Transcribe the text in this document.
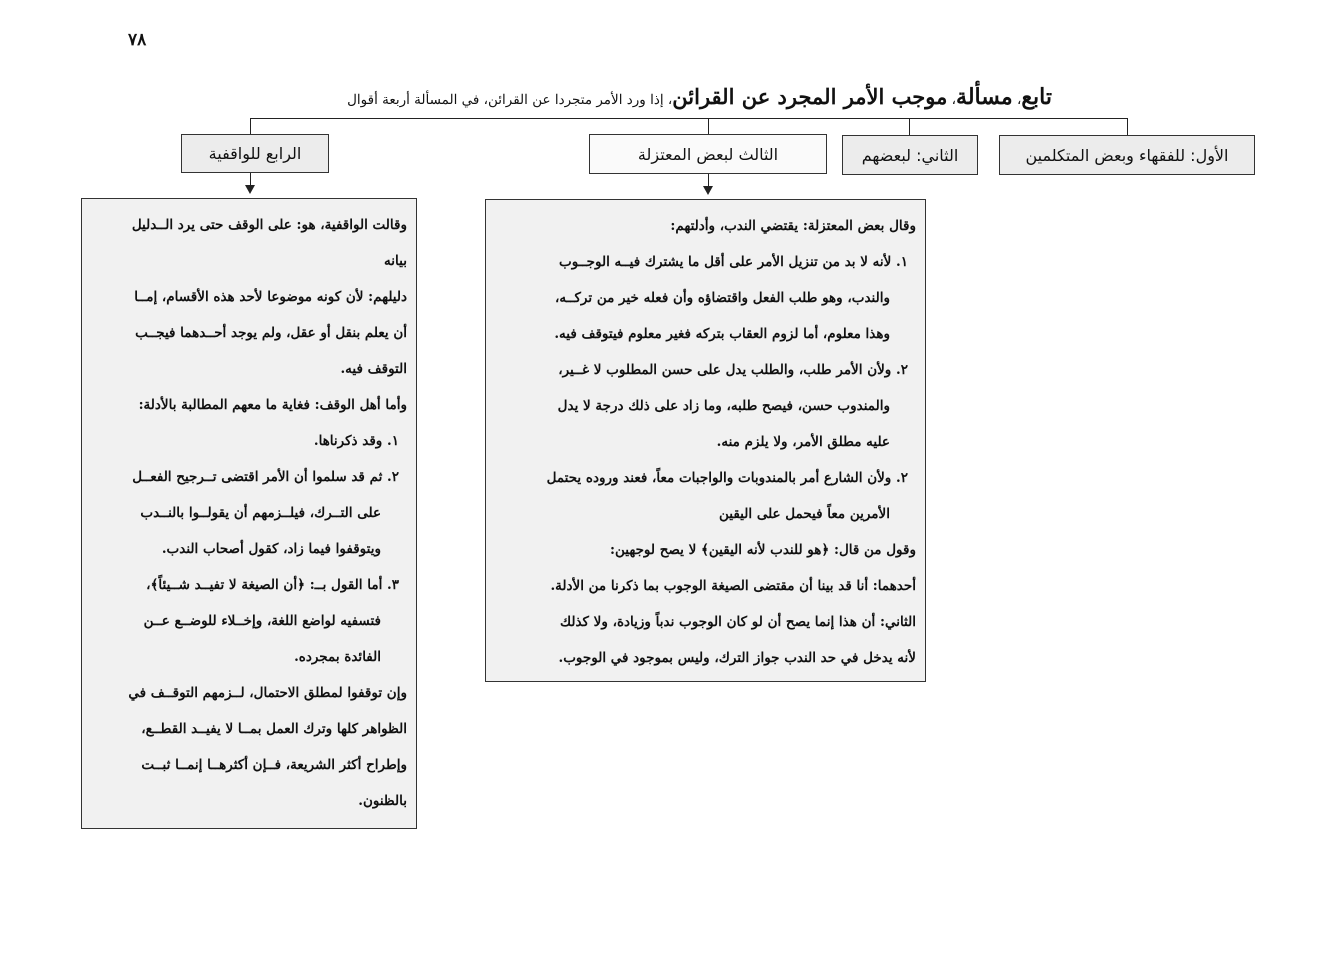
٧٨
تابع، مسألة، موجب الأمر المجرد عن القرائن، إذا ورد الأمر متجردا عن القرائن، في المسألة أربعة أقوال
الأول: للفقهاء وبعض المتكلمين
الثاني: لبعضهم
الثالث لبعض المعتزلة
الرابع للواقفية

وقال بعض المعتزلة: يقتضي الندب، وأدلتهم:

١. لأنه لا بد من تنزيل الأمر على أقل ما يشترك فيــه الوجــوب

والندب، وهو طلب الفعل واقتضاؤه وأن فعله خير من تركــه،

وهذا معلوم، أما لزوم العقاب بتركه فغير معلوم فيتوقف فيه.

٢. ولأن الأمر طلب، والطلب يدل على حسن المطلوب لا غــير،

والمندوب حسن، فيصح طلبه، وما زاد على ذلك درجة لا يدل

عليه مطلق الأمر، ولا يلزم منه.

٢. ولأن الشارع أمر بالمندوبات والواجبات معاً، فعند وروده يحتمل

الأمرين معاً فيحمل على اليقين

وقول من قال: ﴿هو للندب لأنه اليقين﴾ لا يصح لوجهين:

أحدهما: أنا قد بينا أن مقتضى الصيغة الوجوب بما ذكرنا من الأدلة.

الثاني: أن هذا إنما يصح أن لو كان الوجوب ندباً وزيادة، ولا كذلك

لأنه يدخل في حد الندب جواز الترك، وليس بموجود في الوجوب.

وقالت الواقفية، هو: على الوقف حتى يرد الــدليل

بيانه

دليلهم: لأن كونه موضوعا لأحد هذه الأقسام، إمــا

أن يعلم بنقل أو عقل، ولم يوجد أحــدهما فيجــب

التوقف فيه.

وأما أهل الوقف: فغاية ما معهم المطالبة بالأدلة:

١. وقد ذكرناها.

٢. ثم قد سلموا أن الأمر اقتضى تــرجيح الفعــل

على التــرك، فيلــزمهم أن يقولــوا بالنــدب

ويتوقفوا فيما زاد، كقول أصحاب الندب.

٣. أما القول بــ: ﴿أن الصيغة لا تفيــد شــيئاً﴾،

فتسفيه لواضع اللغة، وإخــلاء للوضــع عــن

الفائدة بمجرده.

وإن توقفوا لمطلق الاحتمال، لــزمهم التوقــف في

الظواهر كلها وترك العمل بمــا لا يفيــد القطــع،

وإطراح أكثر الشريعة، فــإن أكثرهــا إنمــا ثبــت

بالظنون.
